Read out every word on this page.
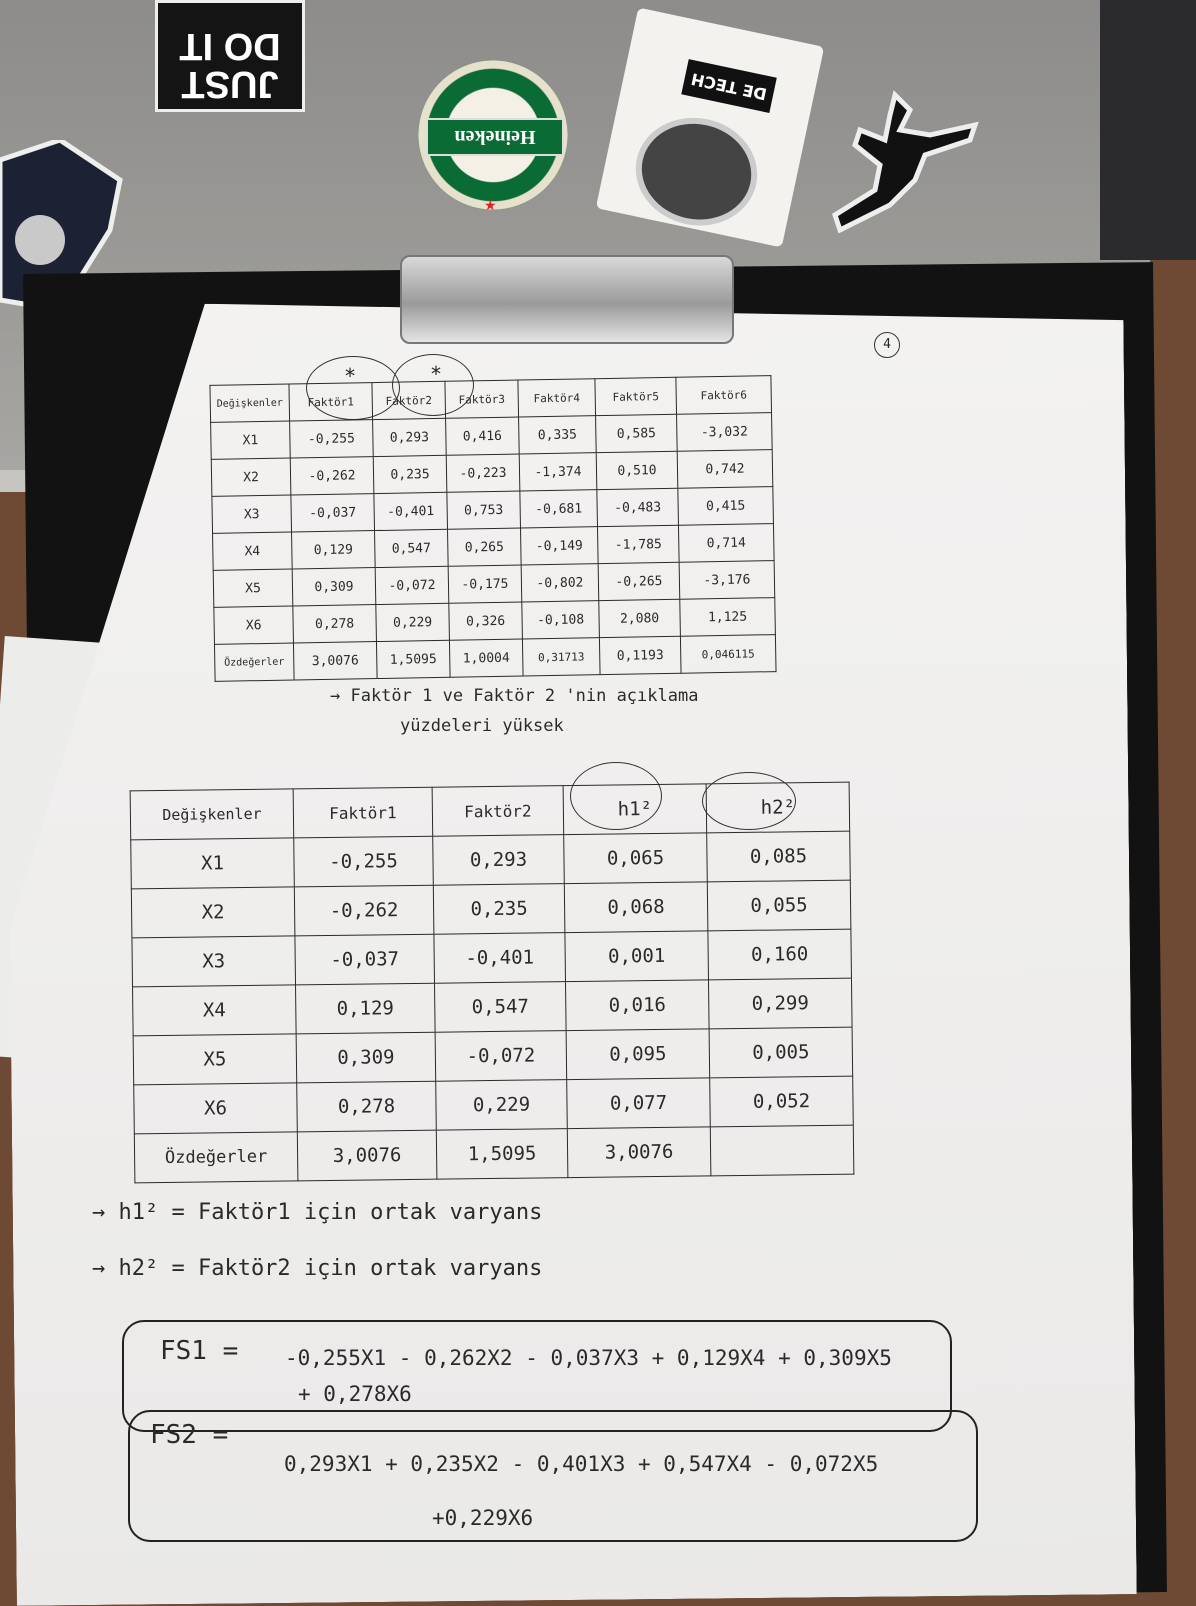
JUST DO IT
Heineken
★
DE TECH
4
*	*
Değişkenler	Faktör1	Faktör2	Faktör3	Faktör4	Faktör5	Faktör6
X1	-0,255	0,293	0,416	0,335	0,585	-3,032
X2	-0,262	0,235	-0,223	-1,374	0,510	0,742
X3	-0,037	-0,401	0,753	-0,681	-0,483	0,415
X4	0,129	0,547	0,265	-0,149	-1,785	0,714
X5	0,309	-0,072	-0,175	-0,802	-0,265	-3,176
X6	0,278	0,229	0,326	-0,108	2,080	1,125
Özdeğerler	3,0076	1,5095	1,0004	0,31713	0,1193	0,046115
→ Faktör 1 ve Faktör 2 'nin açıklama
yüzdeleri yüksek
Değişkenler	Faktör1	Faktör2	h1²	h2²
X1	-0,255	0,293	0,065	0,085
X2	-0,262	0,235	0,068	0,055
X3	-0,037	-0,401	0,001	0,160
X4	0,129	0,547	0,016	0,299
X5	0,309	-0,072	0,095	0,005
X6	0,278	0,229	0,077	0,052
Özdeğerler	3,0076	1,5095	3,0076	
→ h1² = Faktör1 için ortak varyans
→ h2² = Faktör2 için ortak varyans
FS1 = -0,255X1 - 0,262X2 - 0,037X3 + 0,129X4 + 0,309X5
+ 0,278X6
FS2 =
0,293X1 + 0,235X2 - 0,401X3 + 0,547X4 - 0,072X5
+0,229X6
